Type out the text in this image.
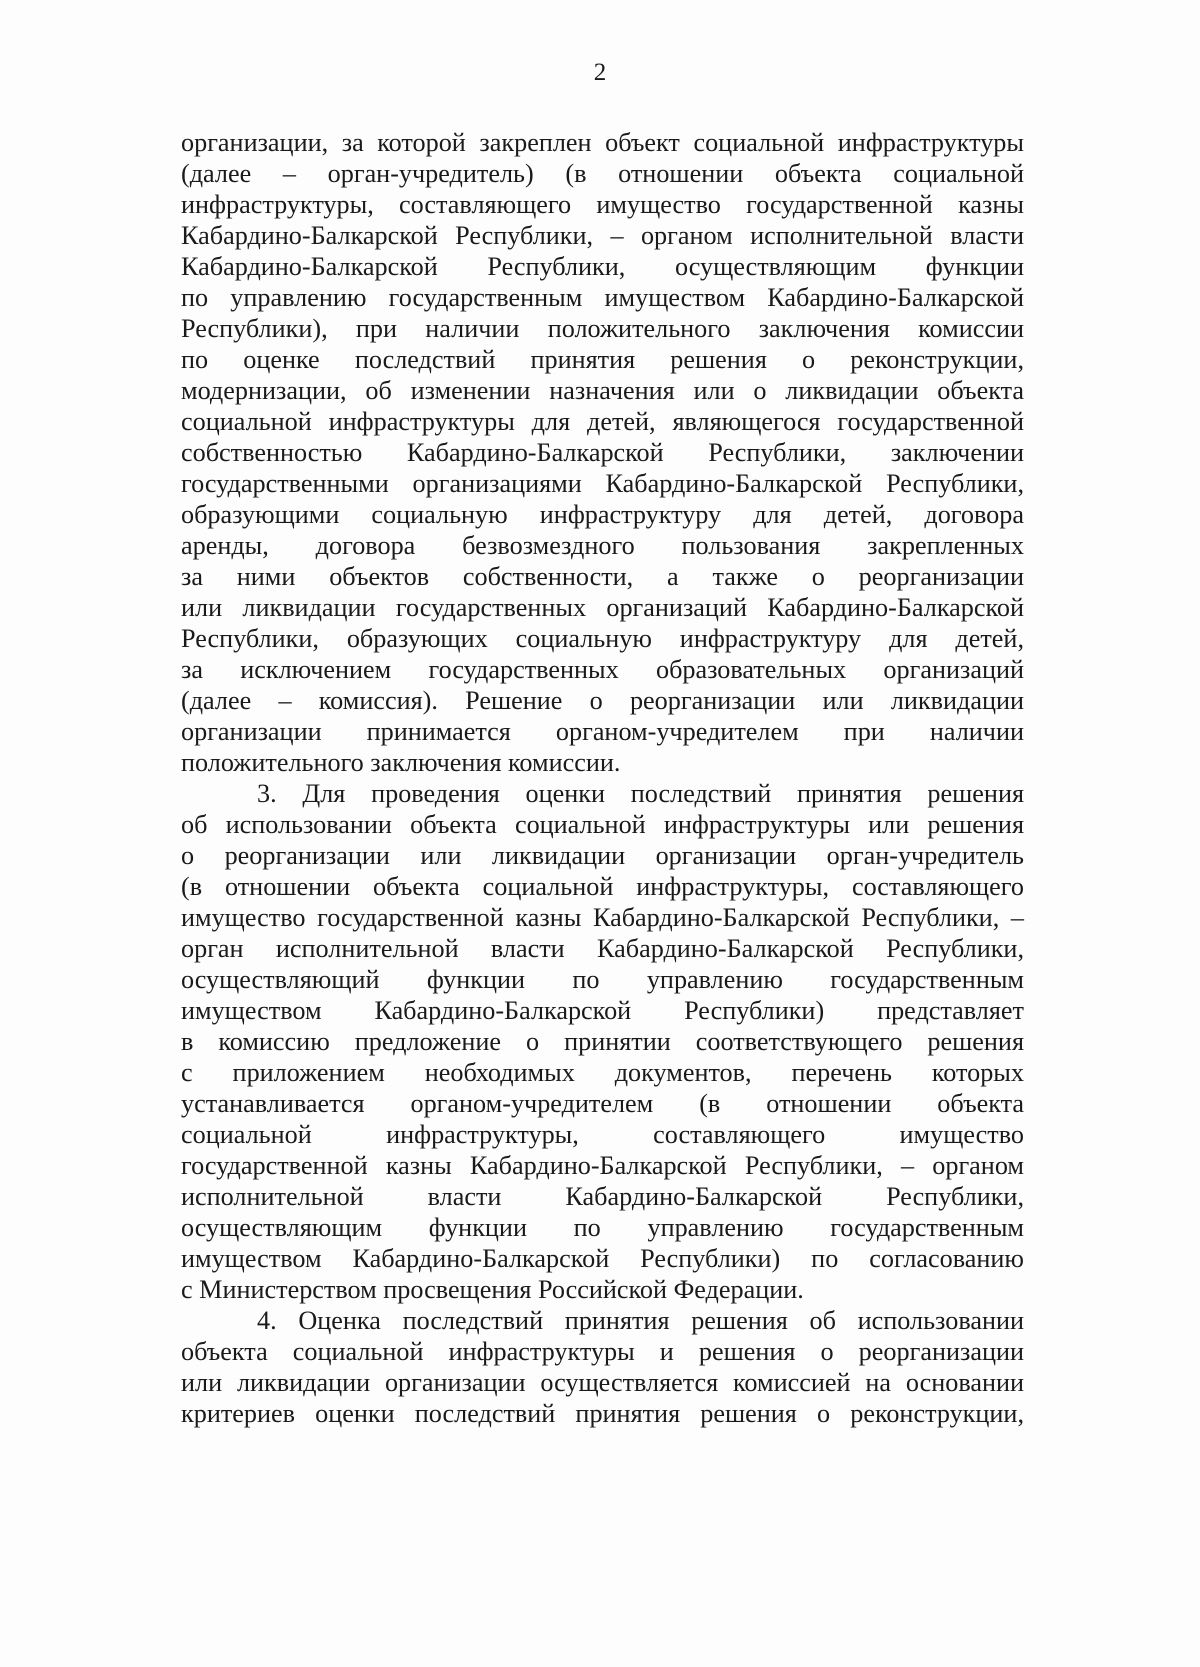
2

организации, за которой закреплен объект социальной инфраструктуры
(далее – орган-учредитель) (в отношении объекта социальной
инфраструктуры, составляющего имущество государственной казны
Кабардино-Балкарской Республики, – органом исполнительной власти
Кабардино-Балкарской Республики, осуществляющим функции
по управлению государственным имуществом Кабардино-Балкарской
Республики), при наличии положительного заключения комиссии
по оценке последствий принятия решения о реконструкции,
модернизации, об изменении назначения или о ликвидации объекта
социальной инфраструктуры для детей, являющегося государственной
собственностью Кабардино-Балкарской Республики, заключении
государственными организациями Кабардино-Балкарской Республики,
образующими социальную инфраструктуру для детей, договора
аренды, договора безвозмездного пользования закрепленных
за ними объектов собственности, а также о реорганизации
или ликвидации государственных организаций Кабардино-Балкарской
Республики, образующих социальную инфраструктуру для детей,
за исключением государственных образовательных организаций
(далее – комиссия). Решение о реорганизации или ликвидации
организации принимается органом-учредителем при наличии
положительного заключения комиссии.

3. Для проведения оценки последствий принятия решения
об использовании объекта социальной инфраструктуры или решения
о реорганизации или ликвидации организации орган-учредитель
(в отношении объекта социальной инфраструктуры, составляющего
имущество государственной казны Кабардино-Балкарской Республики, –
орган исполнительной власти Кабардино-Балкарской Республики,
осуществляющий функции по управлению государственным
имуществом Кабардино-Балкарской Республики) представляет
в комиссию предложение о принятии соответствующего решения
с приложением необходимых документов, перечень которых
устанавливается органом-учредителем (в отношении объекта
социальной инфраструктуры, составляющего имущество
государственной казны Кабардино-Балкарской Республики, – органом
исполнительной власти Кабардино-Балкарской Республики,
осуществляющим функции по управлению государственным
имуществом Кабардино-Балкарской Республики) по согласованию
с Министерством просвещения Российской Федерации.

4. Оценка последствий принятия решения об использовании
объекта социальной инфраструктуры и решения о реорганизации
или ликвидации организации осуществляется комиссией на основании
критериев оценки последствий принятия решения о реконструкции,
